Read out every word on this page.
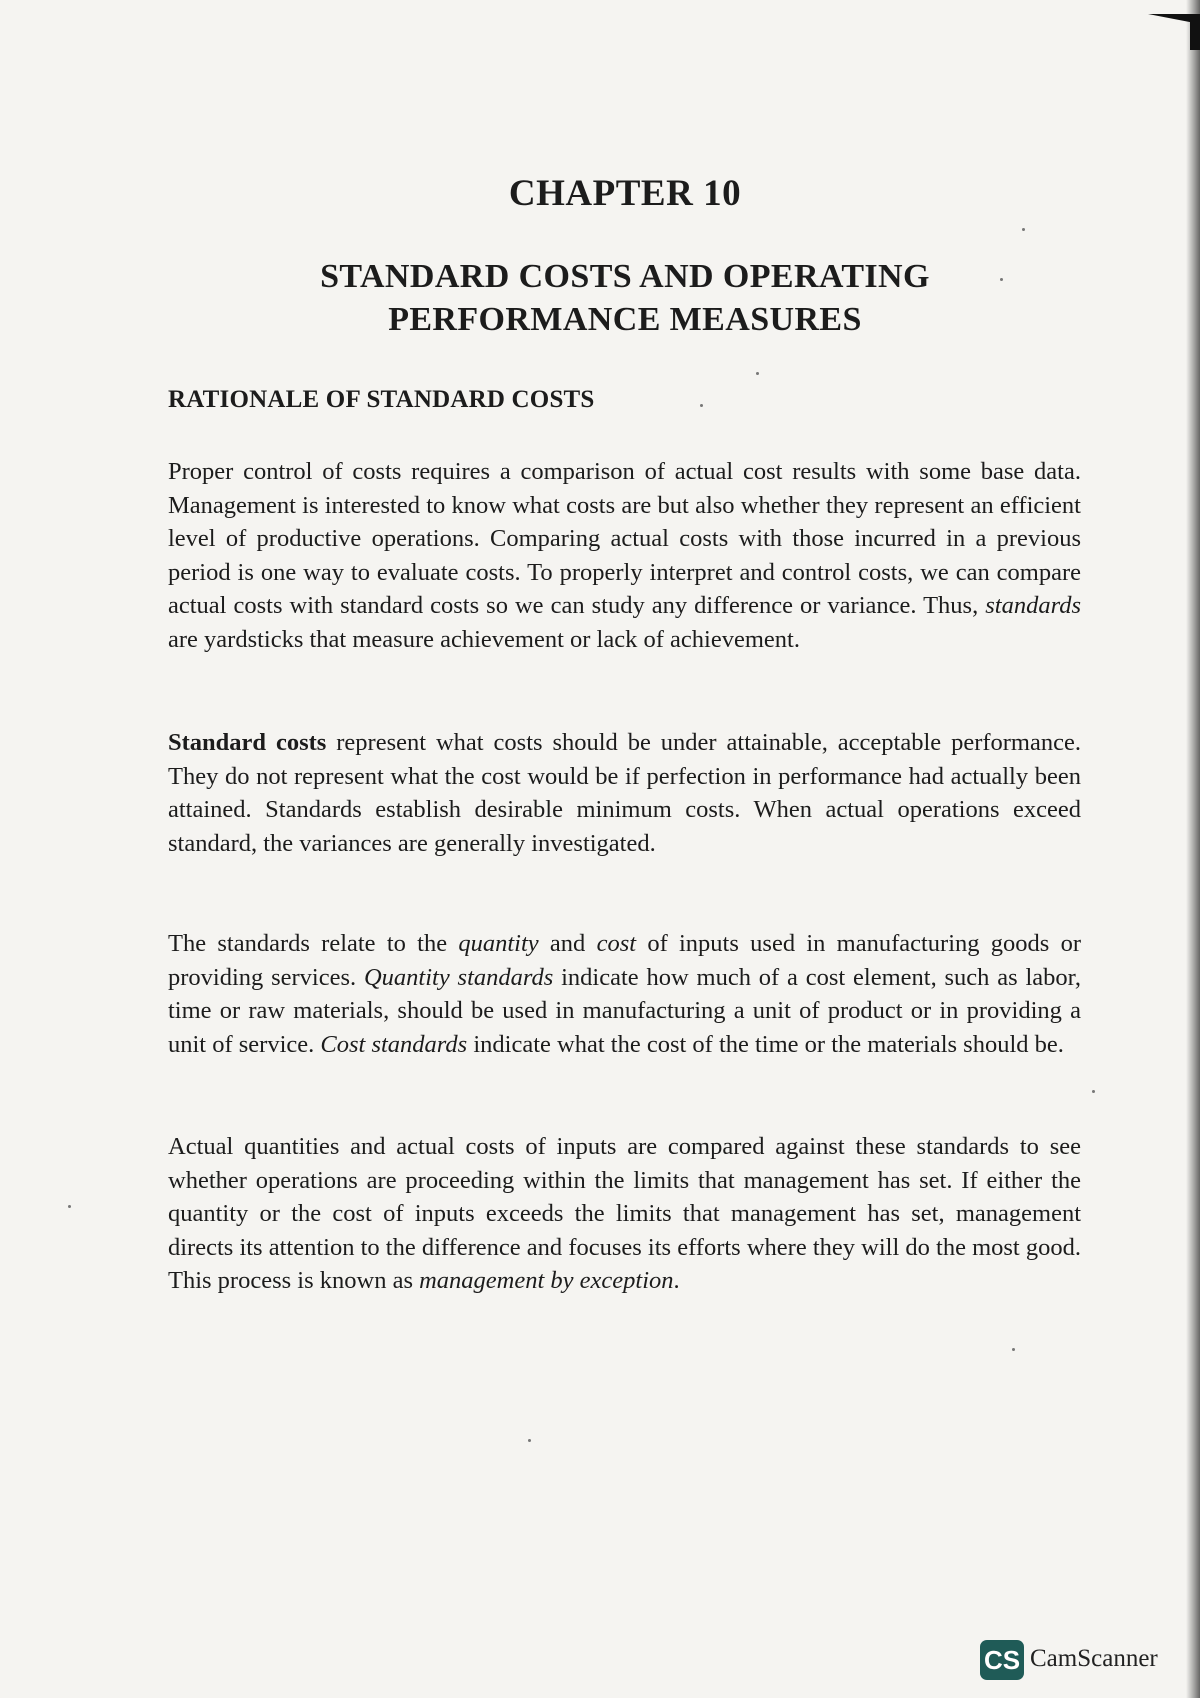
CHAPTER 10
STANDARD COSTS AND OPERATING
PERFORMANCE MEASURES
RATIONALE OF STANDARD COSTS
Proper control of costs requires a comparison of actual cost results with some base data. Management is interested to know what costs are but also whether they represent an efficient level of productive operations. Comparing actual costs with those incurred in a previous period is one way to evaluate costs. To properly interpret and control costs, we can compare actual costs with standard costs so we can study any difference or variance. Thus, standards are yardsticks that measure achievement or lack of achievement.
Standard costs represent what costs should be under attainable, acceptable performance. They do not represent what the cost would be if perfection in performance had actually been attained. Standards establish desirable minimum costs. When actual operations exceed standard, the variances are generally investigated.
The standards relate to the quantity and cost of inputs used in manufacturing goods or providing services. Quantity standards indicate how much of a cost element, such as labor, time or raw materials, should be used in manufacturing a unit of product or in providing a unit of service. Cost standards indicate what the cost of the time or the materials should be.
Actual quantities and actual costs of inputs are compared against these standards to see whether operations are proceeding within the limits that management has set. If either the quantity or the cost of inputs exceeds the limits that management has set, management directs its attention to the difference and focuses its efforts where they will do the most good. This process is known as management by exception.
CS CamScanner
